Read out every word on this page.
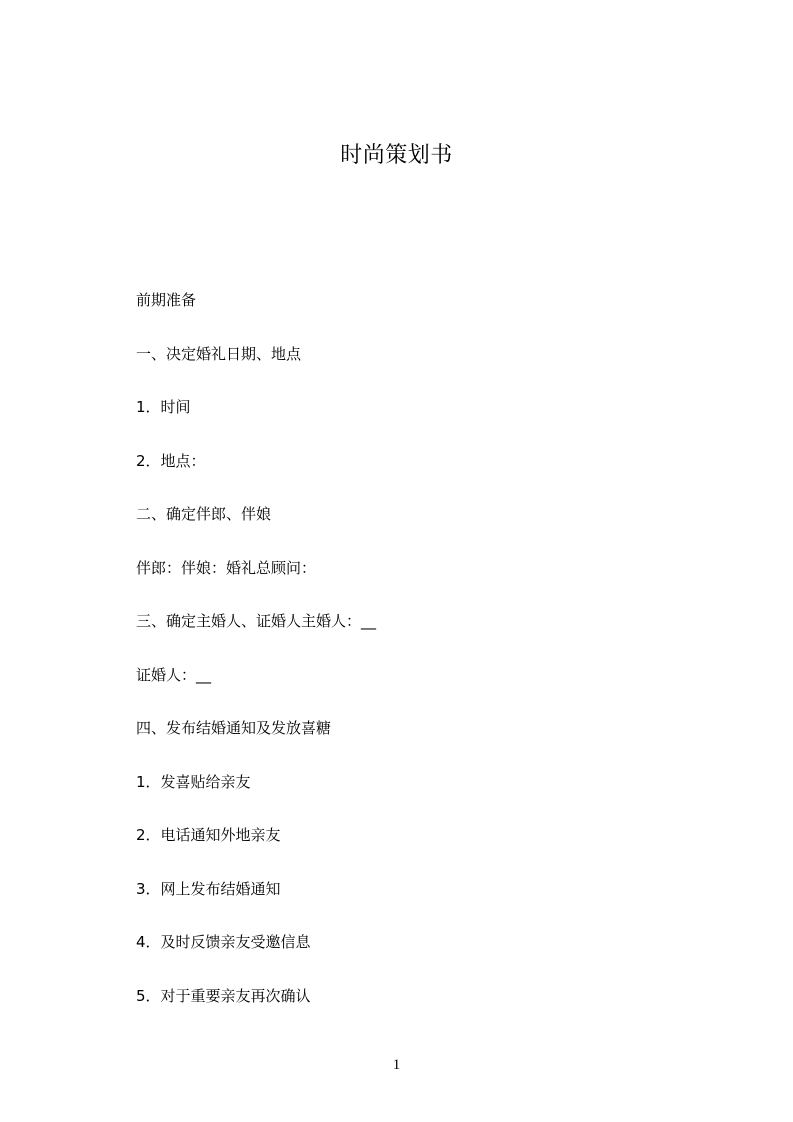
时尚策划书
前期准备
一、决定婚礼日期、地点
1．时间
2．地点：
二、确定伴郎、伴娘
伴郎：伴娘：婚礼总顾问：
三、确定主婚人、证婚人主婚人：__
证婚人：__
四、发布结婚通知及发放喜糖
1．发喜贴给亲友
2．电话通知外地亲友
3．网上发布结婚通知
4．及时反馈亲友受邀信息
5．对于重要亲友再次确认
1
